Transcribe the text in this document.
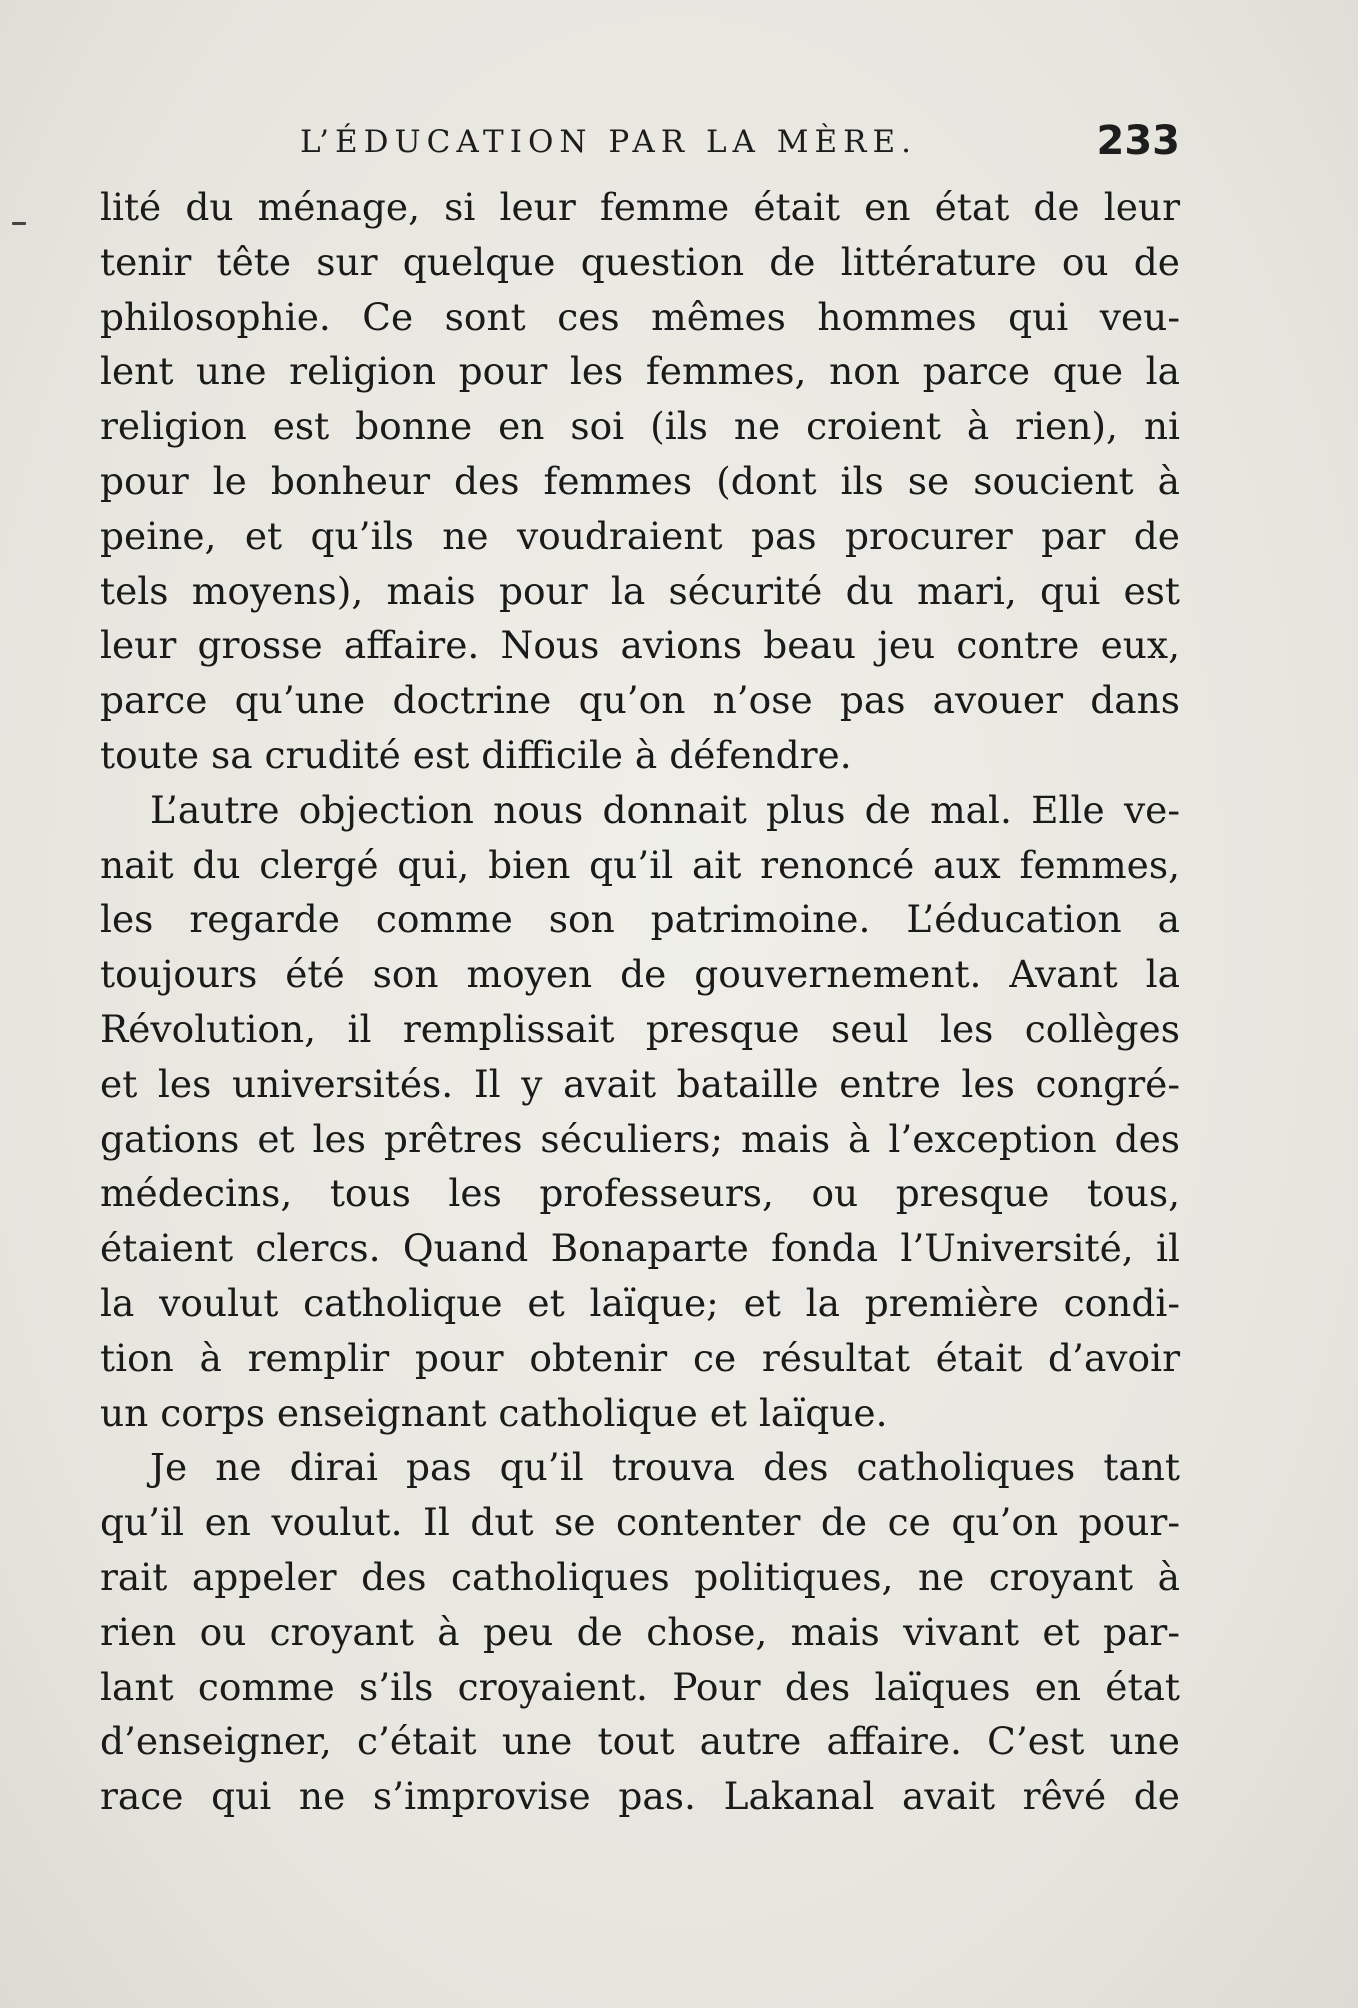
L’ÉDUCATION PAR LA MÈRE.	233
lité du ménage, si leur femme était en état de leur
tenir tête sur quelque question de littérature ou de
philosophie. Ce sont ces mêmes hommes qui veu-
lent une religion pour les femmes, non parce que la
religion est bonne en soi (ils ne croient à rien), ni
pour le bonheur des femmes (dont ils se soucient à
peine, et qu’ils ne voudraient pas procurer par de
tels moyens), mais pour la sécurité du mari, qui est
leur grosse affaire. Nous avions beau jeu contre eux,
parce qu’une doctrine qu’on n’ose pas avouer dans
toute sa crudité est difficile à défendre.
L’autre objection nous donnait plus de mal. Elle ve-
nait du clergé qui, bien qu’il ait renoncé aux femmes,
les regarde comme son patrimoine. L’éducation a
toujours été son moyen de gouvernement. Avant la
Révolution, il remplissait presque seul les collèges
et les universités. Il y avait bataille entre les congré-
gations et les prêtres séculiers; mais à l’exception des
médecins, tous les professeurs, ou presque tous,
étaient clercs. Quand Bonaparte fonda l’Université, il
la voulut catholique et laïque; et la première condi-
tion à remplir pour obtenir ce résultat était d’avoir
un corps enseignant catholique et laïque.
Je ne dirai pas qu’il trouva des catholiques tant
qu’il en voulut. Il dut se contenter de ce qu’on pour-
rait appeler des catholiques politiques, ne croyant à
rien ou croyant à peu de chose, mais vivant et par-
lant comme s’ils croyaient. Pour des laïques en état
d’enseigner, c’était une tout autre affaire. C’est une
race qui ne s’improvise pas. Lakanal avait rêvé de
